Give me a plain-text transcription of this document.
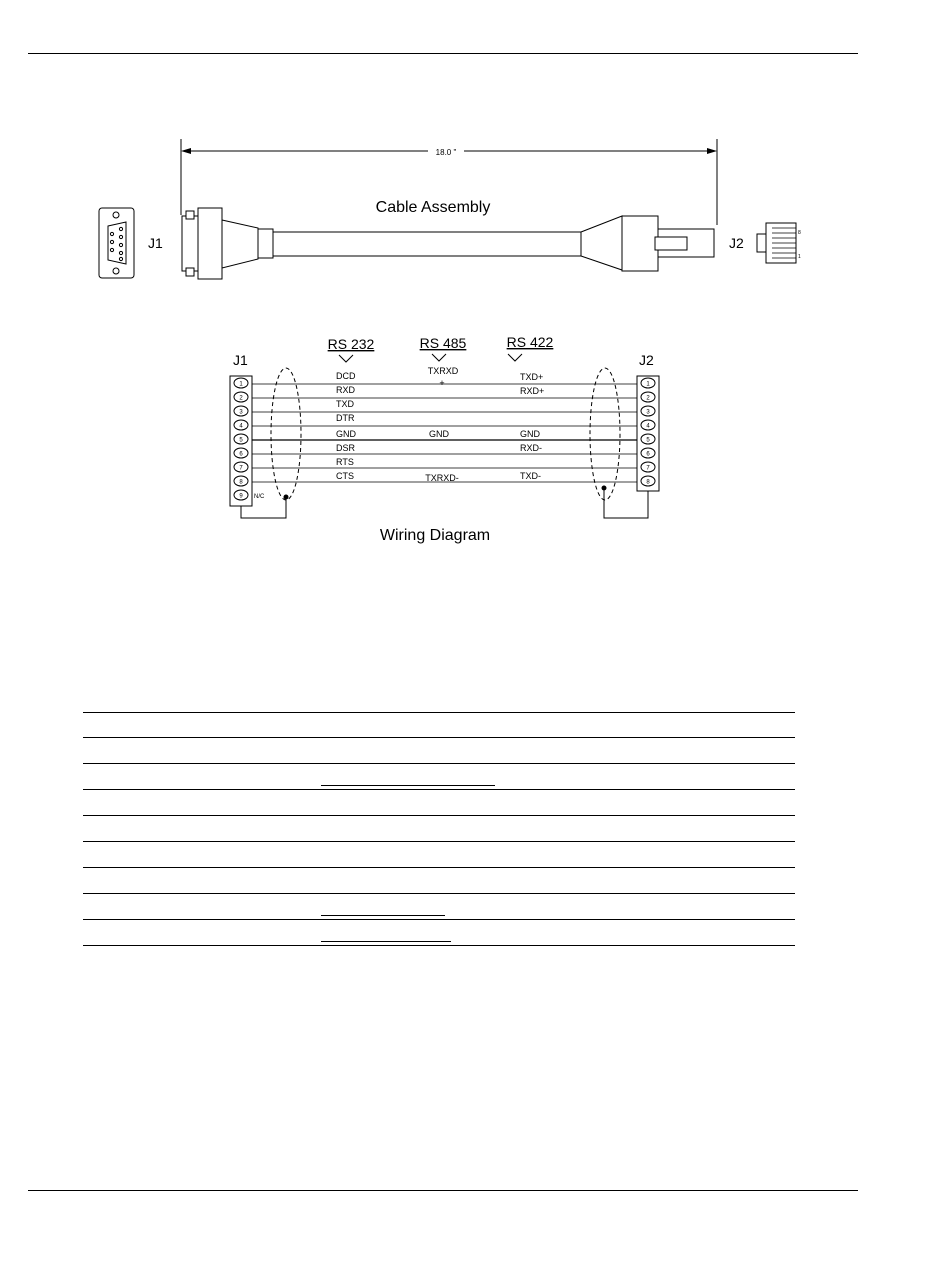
18.0 "
Cable Assembly
J1	J2
8
1
J1	J2
RS 232	RS 485	RS 422
1
2
3
4
5
6
7
8
9
1
2
3
4
5
6
7
8
N/C
DCD
RXD
TXD
DTR
GND
DSR
RTS
CTS
TXRXD
+
GND
TXRXD-
TXD+
RXD+
GND
RXD-
TXD-
Wiring Diagram
